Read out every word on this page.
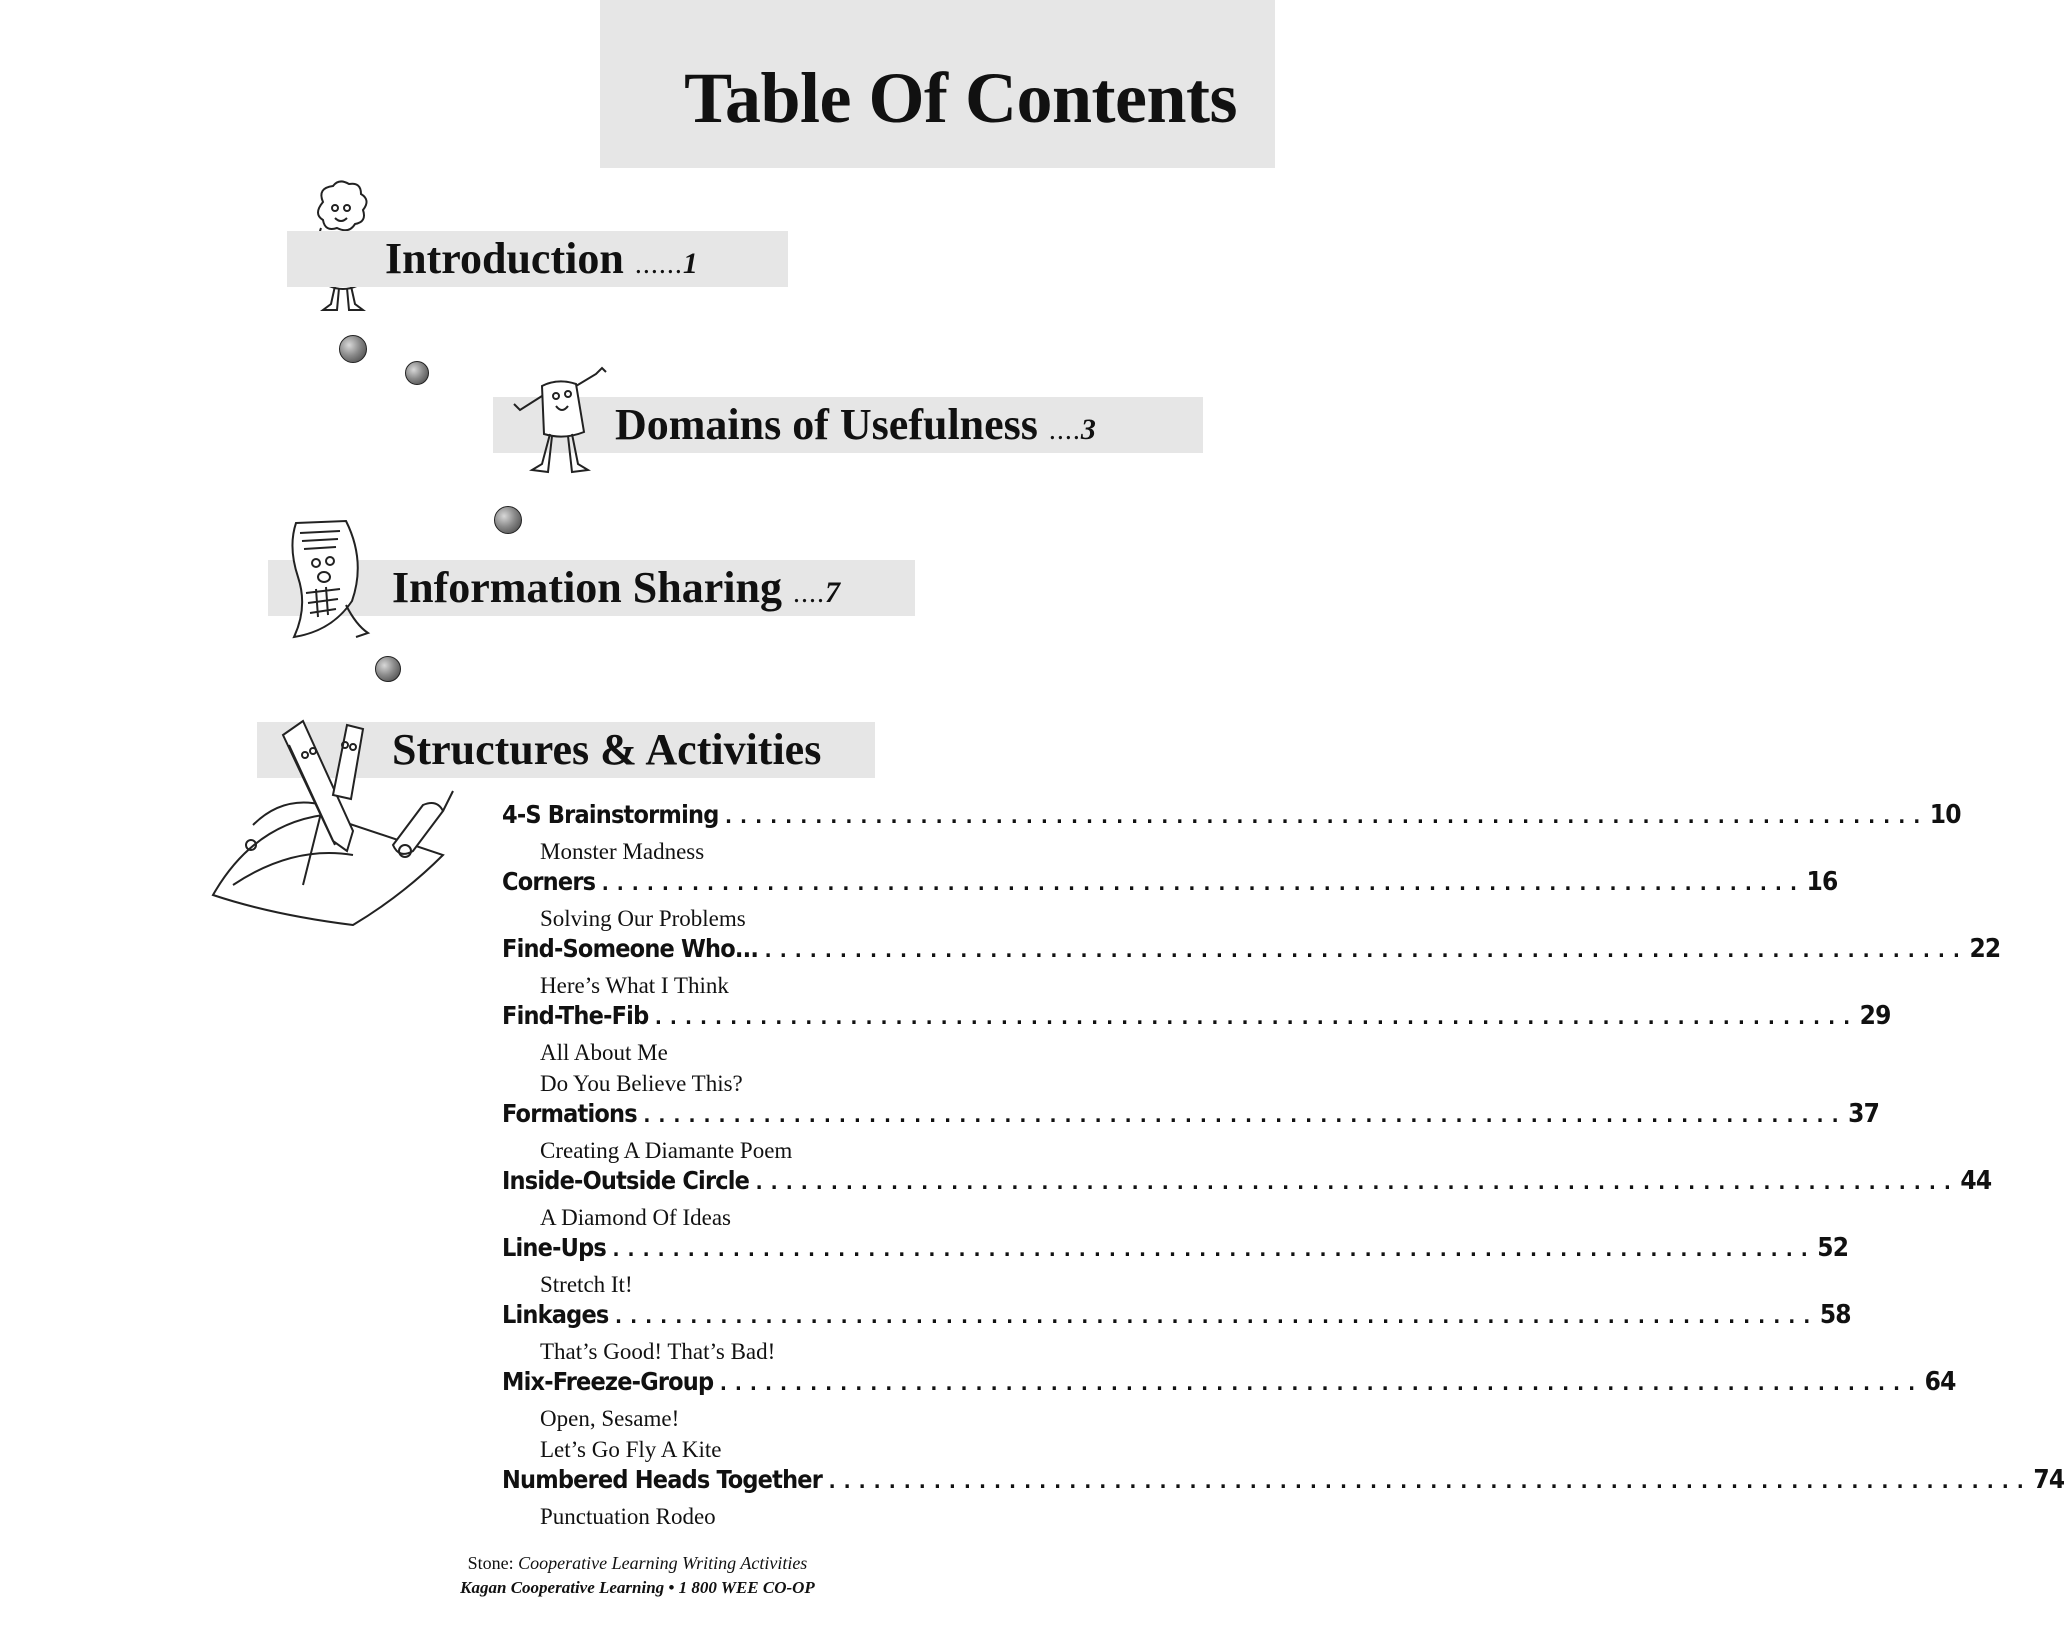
Table Of Contents
Introduction ......1
Domains of Usefulness ....3
Information Sharing ....7
Structures & Activities
4-S Brainstorming ................................................................................ 10
Monster Madness
Corners ................................................................................ 16
Solving Our Problems
Find-Someone Who... ................................................................................ 22
Here’s What I Think
Find-The-Fib ................................................................................ 29
All About Me
Do You Believe This?
Formations ................................................................................ 37
Creating A Diamante Poem
Inside-Outside Circle ................................................................................ 44
A Diamond Of Ideas
Line-Ups ................................................................................ 52
Stretch It!
Linkages ................................................................................ 58
That’s Good! That’s Bad!
Mix-Freeze-Group ................................................................................ 64
Open, Sesame!
Let’s Go Fly A Kite
Numbered Heads Together ................................................................................ 74
Punctuation Rodeo
Stone: Cooperative Learning Writing Activities
Kagan Cooperative Learning • 1 800 WEE CO-OP
